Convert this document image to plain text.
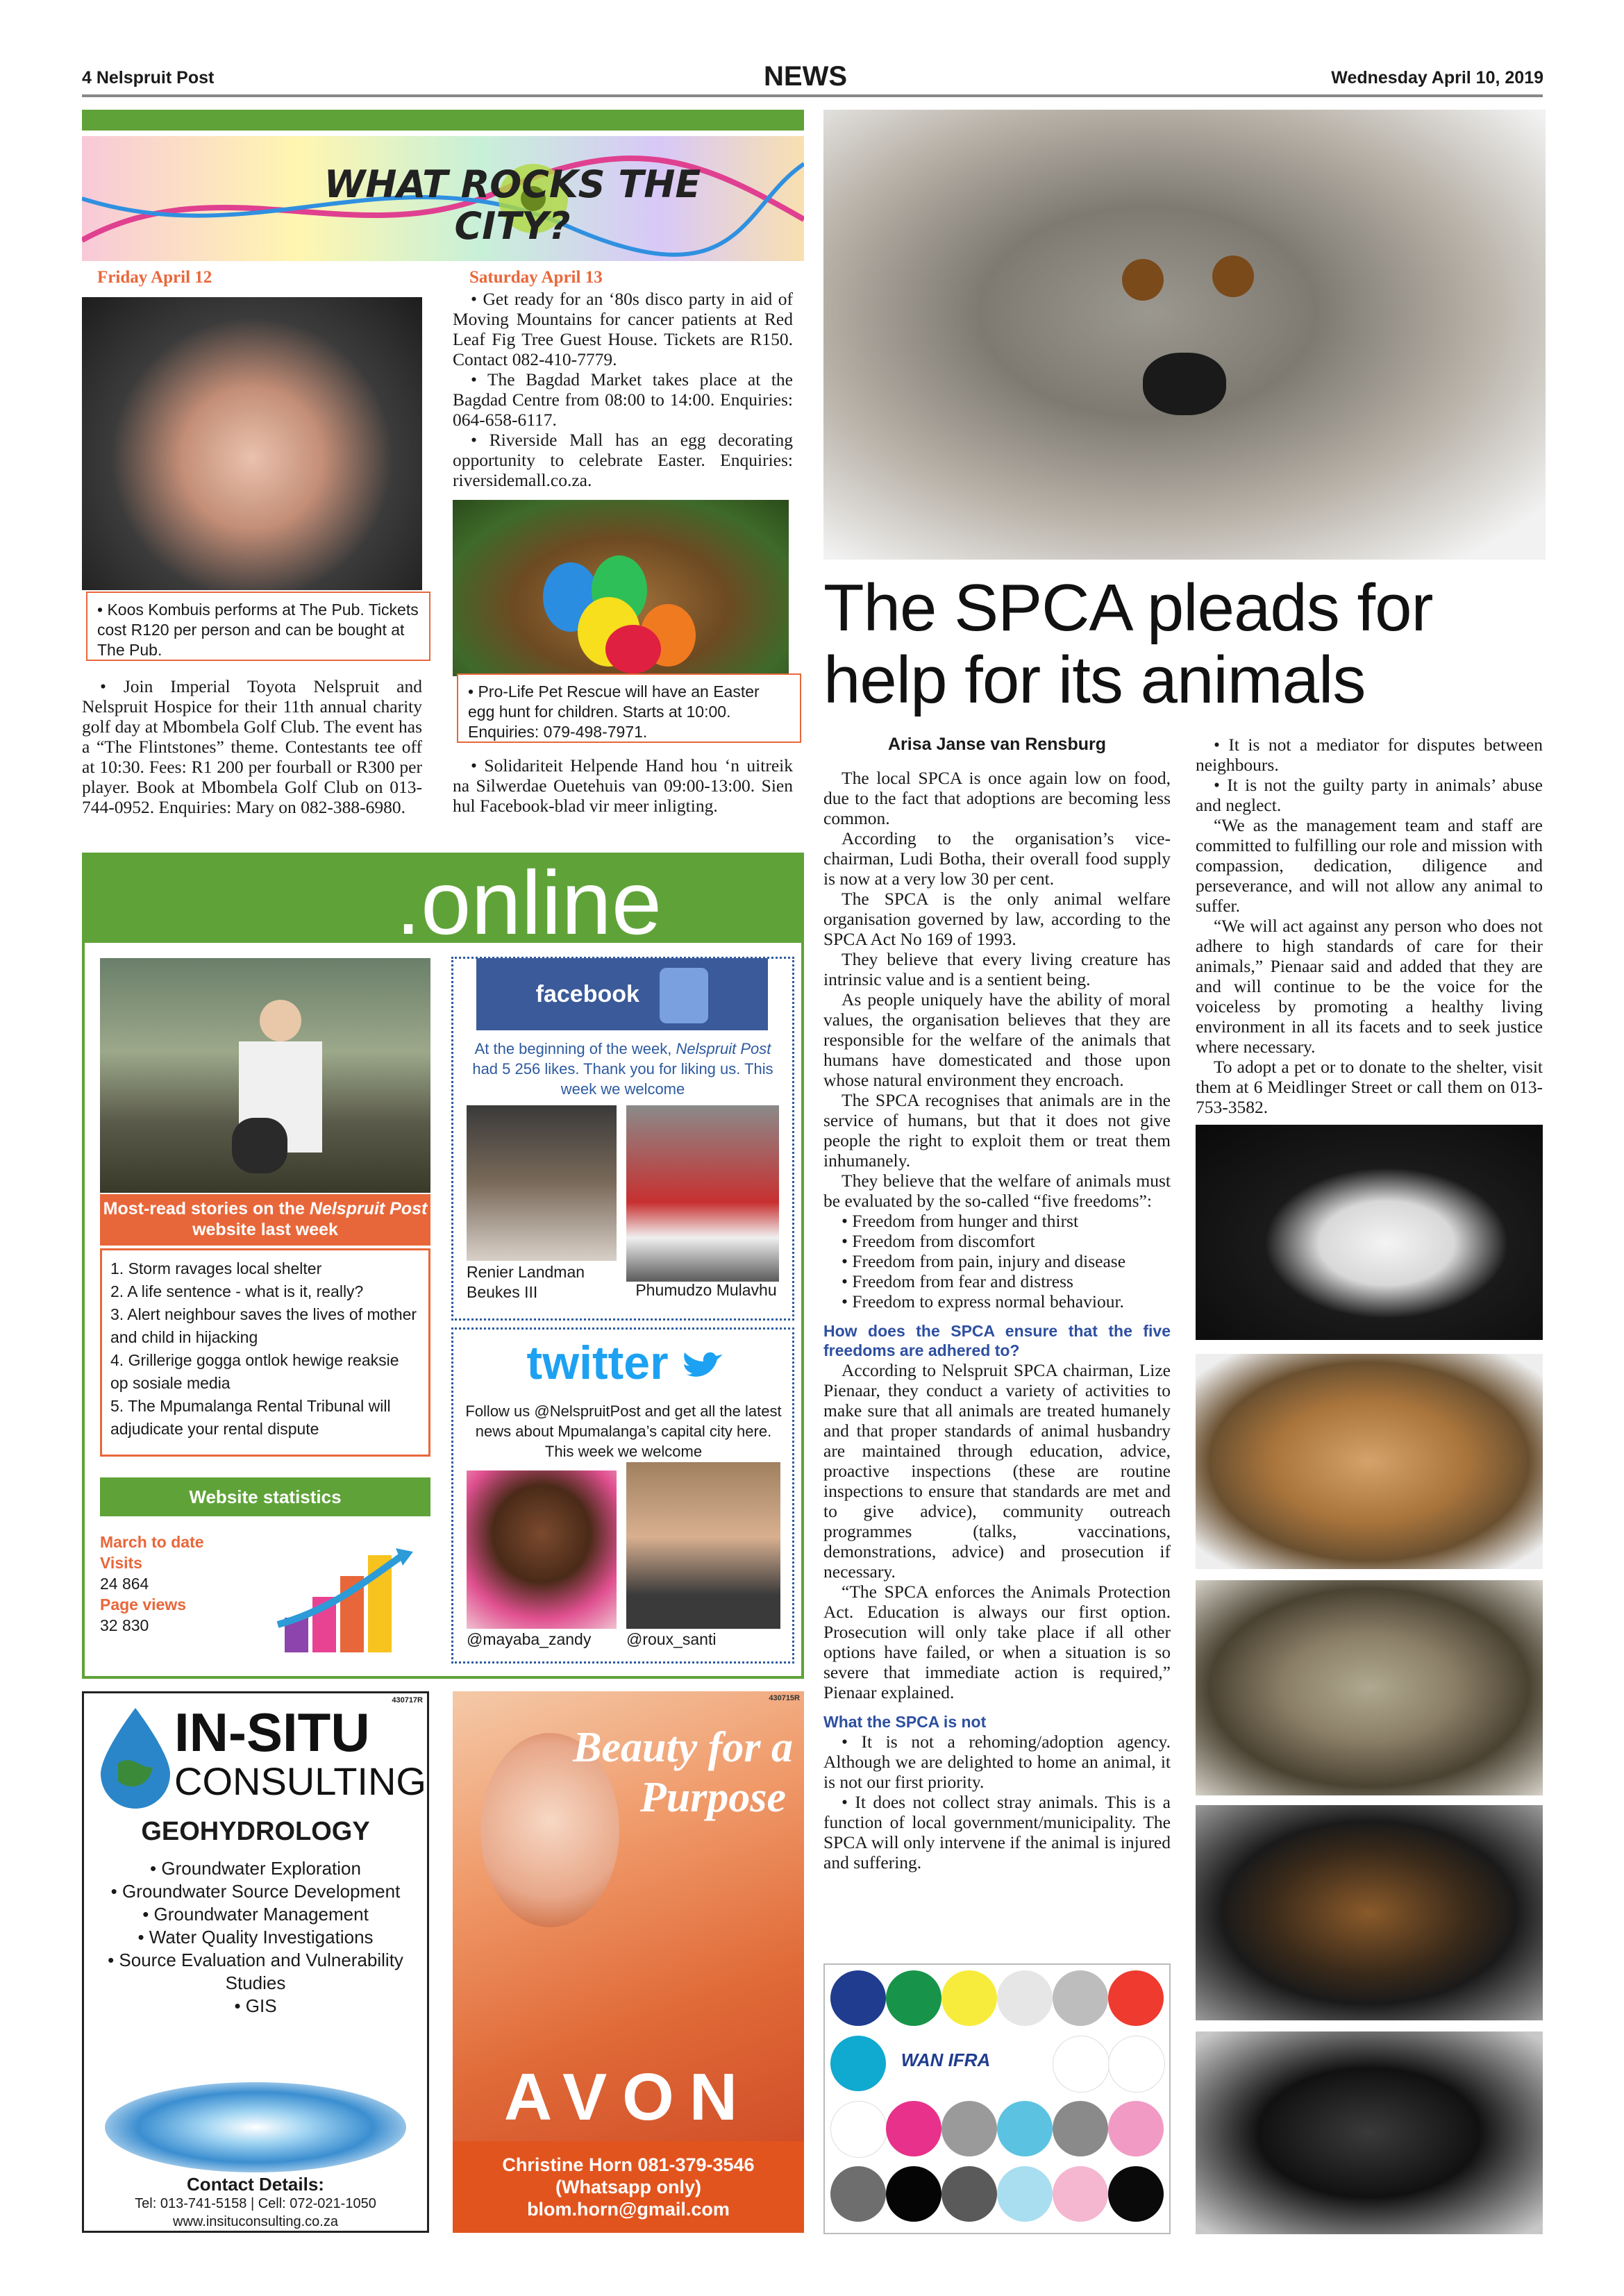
4 Nelspruit Post	NEWS	Wednesday April 10, 2019
WHAT ROCKS THE CITY?
Friday April 12
• Koos Kombuis performs at The Pub. Tickets cost R120 per person and can be bought at The Pub.

• Join Imperial Toyota Nelspruit and Nelspruit Hospice for their 11th annual charity golf day at Mbombela Golf Club. The event has a “The Flintstones” theme. Contestants tee off at 10:30. Fees: R1 200 per fourball or R300 per player. Book at Mbombela Golf Club on 013-744-0952. Enquiries: Mary on 082-388-6980.

Saturday April 13

• Get ready for an ‘80s disco party in aid of Moving Mountains for cancer patients at Red Leaf Fig Tree Guest House. Tickets are R150. Contact 082-410-7779.

• The Bagdad Market takes place at the Bagdad Centre from 08:00 to 14:00. Enquiries: 064-658-6117.

• Riverside Mall has an egg decorating opportunity to celebrate Easter. Enquiries: riversidemall.co.za.

• Pro-Life Pet Rescue will have an Easter egg hunt for children. Starts at 10:00. Enquiries: 079-498-7971.

• Solidariteit Helpende Hand hou ‘n uitreik na Silwerdae Ouetehuis van 09:00-13:00. Sien hul Facebook-blad vir meer inligting.

.online
Most-read stories on the Nelspruit Post website last week
1. Storm ravages local shelter
2. A life sentence - what is it, really?
3. Alert neighbour saves the lives of mother and child in hijacking
4. Grillerige gogga ontlok hewige reaksie op sosiale media
5. The Mpumalanga Rental Tribunal will adjudicate your rental dispute
Website statistics
March to date
Visits
24 864
Page views
32 830
facebook
At the beginning of the week, Nelspruit Post had 5 256 likes. Thank you for liking us. This week we welcome
Renier Landman Beukes III	Phumudzo Mulavhu
twitter
Follow us @NelspruitPost and get all the latest news about Mpumalanga’s capital city here. This week we welcome
@mayaba_zandy @roux_santi
430717R
IN-SITU
CONSULTING
GEOHYDROLOGY
• Groundwater Exploration
• Groundwater Source Development
• Groundwater Management
• Water Quality Investigations
• Source Evaluation and Vulnerability Studies
• GIS
Contact Details:
Tel: 013-741-5158 | Cell: 072-021-1050
www.insituconsulting.co.za
430715R
Beauty for a
Purpose
AVON
Christine Horn 081-379-3546
(Whatsapp only)
blom.horn@gmail.com
The SPCA pleads for help for its animals
Arisa Janse van Rensburg

The local SPCA is once again low on food, due to the fact that adoptions are becoming less common.

According to the organisation’s vice-chairman, Ludi Botha, their overall food supply is now at a very low 30 per cent.

The SPCA is the only animal welfare organisation governed by law, according to the SPCA Act No 169 of 1993.

They believe that every living creature has intrinsic value and is a sentient being.

As people uniquely have the ability of moral values, the organisation believes that they are responsible for the welfare of the animals that humans have domesticated and those upon whose natural environment they encroach.

The SPCA recognises that animals are in the service of humans, but that it does not give people the right to exploit them or treat them inhumanely.

They believe that the welfare of animals must be evaluated by the so-called “five freedoms”:

• Freedom from hunger and thirst

• Freedom from discomfort

• Freedom from pain, injury and disease

• Freedom from fear and distress

• Freedom to express normal behaviour.

How does the SPCA ensure that the five freedoms are adhered to?

According to Nelspruit SPCA chairman, Lize Pienaar, they conduct a variety of activities to make sure that all animals are treated humanely and that proper standards of animal husbandry are maintained through education, advice, proactive inspections (these are routine inspections to ensure that standards are met and to give advice), community outreach programmes (talks, vaccinations, demonstrations, advice) and prosecution if necessary.

“The SPCA enforces the Animals Protection Act. Education is always our first option. Prosecution will only take place if all other options have failed, or when a situation is so severe that immediate action is required,” Pienaar explained.

What the SPCA is not

• It is not a rehoming/adoption agency. Although we are delighted to home an animal, it is not our first priority.

• It does not collect stray animals. This is a function of local government/municipality. The SPCA will only intervene if the animal is injured and suffering.

• It is not a mediator for disputes between neighbours.

• It is not the guilty party in animals’ abuse and neglect.

“We as the management team and staff are committed to fulfilling our role and mission with compassion, dedication, diligence and perseverance, and will not allow any animal to suffer.

“We will act against any person who does not adhere to high standards of care for their animals,” Pienaar said and added that they are and will continue to be the voice for the voiceless by promoting a healthy living environment in all its facets and to seek justice where necessary.

To adopt a pet or to donate to the shelter, visit them at 6 Meidlinger Street or call them on 013-753-3582.

WAN IFRA
